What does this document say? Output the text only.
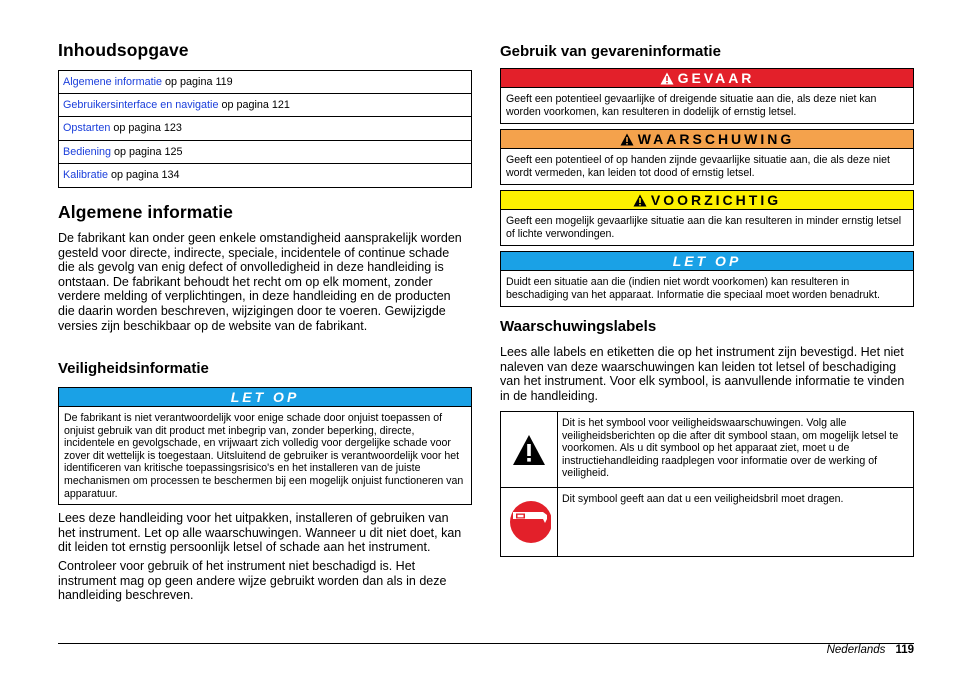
Inhoudsopgave
Algemene informatie op pagina 119
Gebruikersinterface en navigatie op pagina 121
Opstarten op pagina 123
Bediening op pagina 125
Kalibratie op pagina 134
Algemene informatie

De fabrikant kan onder geen enkele omstandigheid aansprakelijk worden gesteld voor directe, indirecte, speciale, incidentele of continue schade die als gevolg van enig defect of onvolledigheid in deze handleiding is ontstaan. De fabrikant behoudt het recht om op elk moment, zonder verdere melding of verplichtingen, in deze handleiding en de producten die daarin worden beschreven, wijzigingen door te voeren. Gewijzigde versies zijn beschikbaar op de website van de fabrikant.

Veiligheidsinformatie
LET OP
De fabrikant is niet verantwoordelijk voor enige schade door onjuist toepassen of onjuist gebruik van dit product met inbegrip van, zonder beperking, directe, incidentele en gevolgschade, en vrijwaart zich volledig voor dergelijke schade voor zover dit wettelijk is toegestaan. Uitsluitend de gebruiker is verantwoordelijk voor het identificeren van kritische toepassingsrisico's en het installeren van de juiste mechanismen om processen te beschermen bij een mogelijk onjuist functioneren van apparatuur.

Lees deze handleiding voor het uitpakken, installeren of gebruiken van het instrument. Let op alle waarschuwingen. Wanneer u dit niet doet, kan dit leiden tot ernstig persoonlijk letsel of schade aan het instrument.

Controleer voor gebruik of het instrument niet beschadigd is. Het instrument mag op geen andere wijze gebruikt worden dan als in deze handleiding beschreven.

Gebruik van gevareninformatie
GEVAAR
Geeft een potentieel gevaarlijke of dreigende situatie aan die, als deze niet kan worden voorkomen, kan resulteren in dodelijk of ernstig letsel.
WAARSCHUWING
Geeft een potentieel of op handen zijnde gevaarlijke situatie aan, die als deze niet wordt vermeden, kan leiden tot dood of ernstig letsel.
VOORZICHTIG
Geeft een mogelijk gevaarlijke situatie aan die kan resulteren in minder ernstig letsel of lichte verwondingen.
LET OP
Duidt een situatie aan die (indien niet wordt voorkomen) kan resulteren in beschadiging van het apparaat. Informatie die speciaal moet worden benadrukt.
Waarschuwingslabels

Lees alle labels en etiketten die op het instrument zijn bevestigd. Het niet naleven van deze waarschuwingen kan leiden tot letsel of beschadiging van het instrument. Voor elk symbool, is aanvullende informatie te vinden in de handleiding.

Dit is het symbool voor veiligheidswaarschuwingen. Volg alle veiligheidsberichten op die after dit symbool staan, om mogelijk letsel te voorkomen. Als u dit symbool op het apparaat ziet, moet u de instructiehandleiding raadplegen voor informatie over de werking of veiligheid.
Dit symbool geeft aan dat u een veiligheidsbril moet dragen.
Nederlands 119
